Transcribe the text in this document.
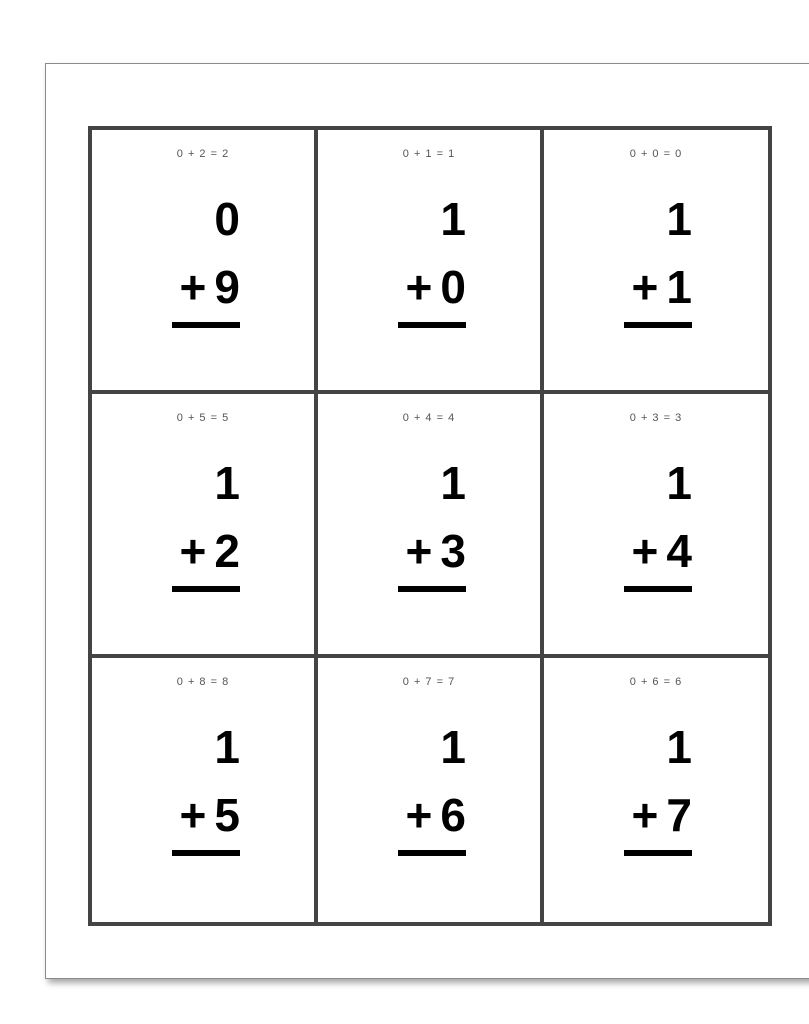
0 + 2 = 2
0
+ 9
0 + 1 = 1
1
+ 0
0 + 0 = 0
1
+ 1
0 + 5 = 5
1
+ 2
0 + 4 = 4
1
+ 3
0 + 3 = 3
1
+ 4
0 + 8 = 8
1
+ 5
0 + 7 = 7
1
+ 6
0 + 6 = 6
1
+ 7
